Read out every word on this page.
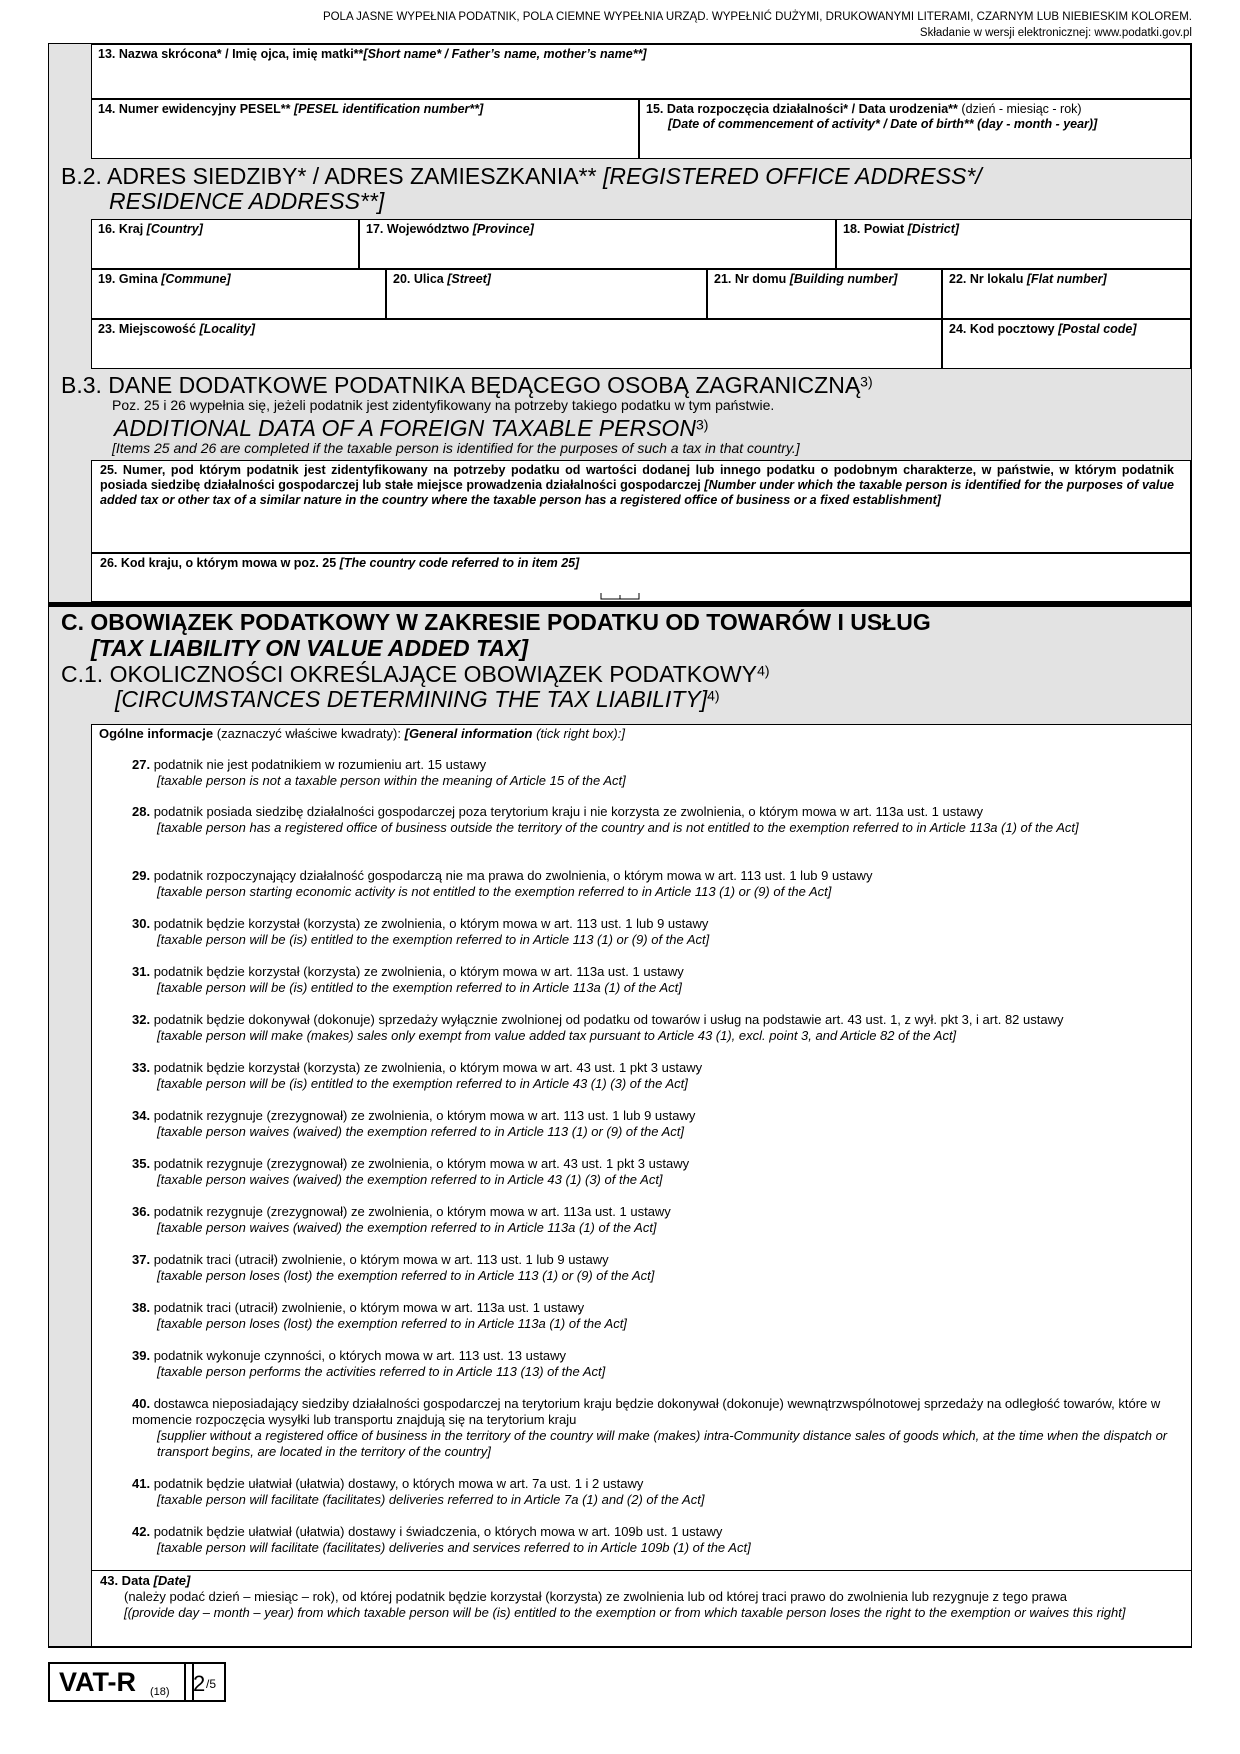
POLA JASNE WYPEŁNIA PODATNIK, POLA CIEMNE WYPEŁNIA URZĄD. WYPEŁNIĆ DUŻYMI, DRUKOWANYMI LITERAMI, CZARNYM LUB NIEBIESKIM KOLOREM.
Składanie w wersji elektronicznej: www.podatki.gov.pl
13. Nazwa skrócona* / Imię ojca, imię matki**[Short name* / Father’s name, mother’s name**]
14. Numer ewidencyjny PESEL** [PESEL identification number**]	15. Data rozpoczęcia działalności* / Data urodzenia** (dzień - miesiąc - rok)
[Date of commencement of activity* / Date of birth** (day - month - year)]
B.2. ADRES SIEDZIBY* / ADRES ZAMIESZKANIA** [REGISTERED OFFICE ADDRESS*/
RESIDENCE ADDRESS**]
16. Kraj [Country]	17. Województwo [Province]	18. Powiat [District]
19. Gmina [Commune]	20. Ulica [Street]	21. Nr domu [Building number]	22. Nr lokalu [Flat number]
23. Miejscowość [Locality]	24. Kod pocztowy [Postal code]
B.3. DANE DODATKOWE PODATNIKA BĘDĄCEGO OSOBĄ ZAGRANICZNĄ$^{3)}$
Poz. 25 i 26 wypełnia się, jeżeli podatnik jest zidentyfikowany na potrzeby takiego podatku w tym państwie.
ADDITIONAL DATA OF A FOREIGN TAXABLE PERSON$^{3)}$
[Items 25 and 26 are completed if the taxable person is identified for the purposes of such a tax in that country.]
25. Numer, pod którym podatnik jest zidentyfikowany na potrzeby podatku od wartości dodanej lub innego podatku o podobnym charakterze, w państwie, w którym podatnik posiada siedzibę działalności gospodarczej lub stałe miejsce prowadzenia działalności gospodarczej [Number under which the taxable person is identified for the purposes of value added tax or other tax of a similar nature in the country where the taxable person has a registered office of business or a fixed establishment]
26. Kod kraju, o którym mowa w poz. 25 [The country code referred to in item 25]
C. OBOWIĄZEK PODATKOWY W ZAKRESIE PODATKU OD TOWARÓW I USŁUG
[TAX LIABILITY ON VALUE ADDED TAX]
C.1. OKOLICZNOŚCI OKREŚLAJĄCE OBOWIĄZEK PODATKOWY$^{4)}$
[CIRCUMSTANCES DETERMINING THE TAX LIABILITY]$^{4)}$
Ogólne informacje (zaznaczyć właściwe kwadraty): [General information (tick right box):]
27. podatnik nie jest podatnikiem w rozumieniu art. 15 ustawy
[taxable person is not a taxable person within the meaning of Article 15 of the Act]
28. podatnik posiada siedzibę działalności gospodarczej poza terytorium kraju i nie korzysta ze zwolnienia, o którym mowa w art. 113a ust. 1 ustawy
[taxable person has a registered office of business outside the territory of the country and is not entitled to the exemption referred to in Article 113a (1) of the Act]
29. podatnik rozpoczynający działalność gospodarczą nie ma prawa do zwolnienia, o którym mowa w art. 113 ust. 1 lub 9 ustawy
[taxable person starting economic activity is not entitled to the exemption referred to in Article 113 (1) or (9) of the Act]
30. podatnik będzie korzystał (korzysta) ze zwolnienia, o którym mowa w art. 113 ust. 1 lub 9 ustawy
[taxable person will be (is) entitled to the exemption referred to in Article 113 (1) or (9) of the Act]
31. podatnik będzie korzystał (korzysta) ze zwolnienia, o którym mowa w art. 113a ust. 1 ustawy
[taxable person will be (is) entitled to the exemption referred to in Article 113a (1) of the Act]
32. podatnik będzie dokonywał (dokonuje) sprzedaży wyłącznie zwolnionej od podatku od towarów i usług na podstawie art. 43 ust. 1, z wył. pkt 3, i art. 82 ustawy
[taxable person will make (makes) sales only exempt from value added tax pursuant to Article 43 (1), excl. point 3, and Article 82 of the Act]
33. podatnik będzie korzystał (korzysta) ze zwolnienia, o którym mowa w art. 43 ust. 1 pkt 3 ustawy
[taxable person will be (is) entitled to the exemption referred to in Article 43 (1) (3) of the Act]
34. podatnik rezygnuje (zrezygnował) ze zwolnienia, o którym mowa w art. 113 ust. 1 lub 9 ustawy
[taxable person waives (waived) the exemption referred to in Article 113 (1) or (9) of the Act]
35. podatnik rezygnuje (zrezygnował) ze zwolnienia, o którym mowa w art. 43 ust. 1 pkt 3 ustawy
[taxable person waives (waived) the exemption referred to in Article 43 (1) (3) of the Act]
36. podatnik rezygnuje (zrezygnował) ze zwolnienia, o którym mowa w art. 113a ust. 1 ustawy
[taxable person waives (waived) the exemption referred to in Article 113a (1) of the Act]
37. podatnik traci (utracił) zwolnienie, o którym mowa w art. 113 ust. 1 lub 9 ustawy
[taxable person loses (lost) the exemption referred to in Article 113 (1) or (9) of the Act]
38. podatnik traci (utracił) zwolnienie, o którym mowa w art. 113a ust. 1 ustawy
[taxable person loses (lost) the exemption referred to in Article 113a (1) of the Act]
39. podatnik wykonuje czynności, o których mowa w art. 113 ust. 13 ustawy
[taxable person performs the activities referred to in Article 113 (13) of the Act]
40. dostawca nieposiadający siedziby działalności gospodarczej na terytorium kraju będzie dokonywał (dokonuje) wewnątrzwspólnotowej sprzedaży na odległość towarów, które w momencie rozpoczęcia wysyłki lub transportu znajdują się na terytorium kraju
[supplier without a registered office of business in the territory of the country will make (makes) intra-Community distance sales of goods which, at the time when the dispatch or transport begins, are located in the territory of the country]
41. podatnik będzie ułatwiał (ułatwia) dostawy, o których mowa w art. 7a ust. 1 i 2 ustawy
[taxable person will facilitate (facilitates) deliveries referred to in Article 7a (1) and (2) of the Act]
42. podatnik będzie ułatwiał (ułatwia) dostawy i świadczenia, o których mowa w art. 109b ust. 1 ustawy
[taxable person will facilitate (facilitates) deliveries and services referred to in Article 109b (1) of the Act]
43. Data [Date]
(należy podać dzień – miesiąc – rok), od której podatnik będzie korzystał (korzysta) ze zwolnienia lub od której traci prawo do zwolnienia lub rezygnuje z tego prawa
[(provide day – month – year) from which taxable person will be (is) entitled to the exemption or from which taxable person loses the right to the exemption or waives this right]
VAT-R (18) 2 /5
